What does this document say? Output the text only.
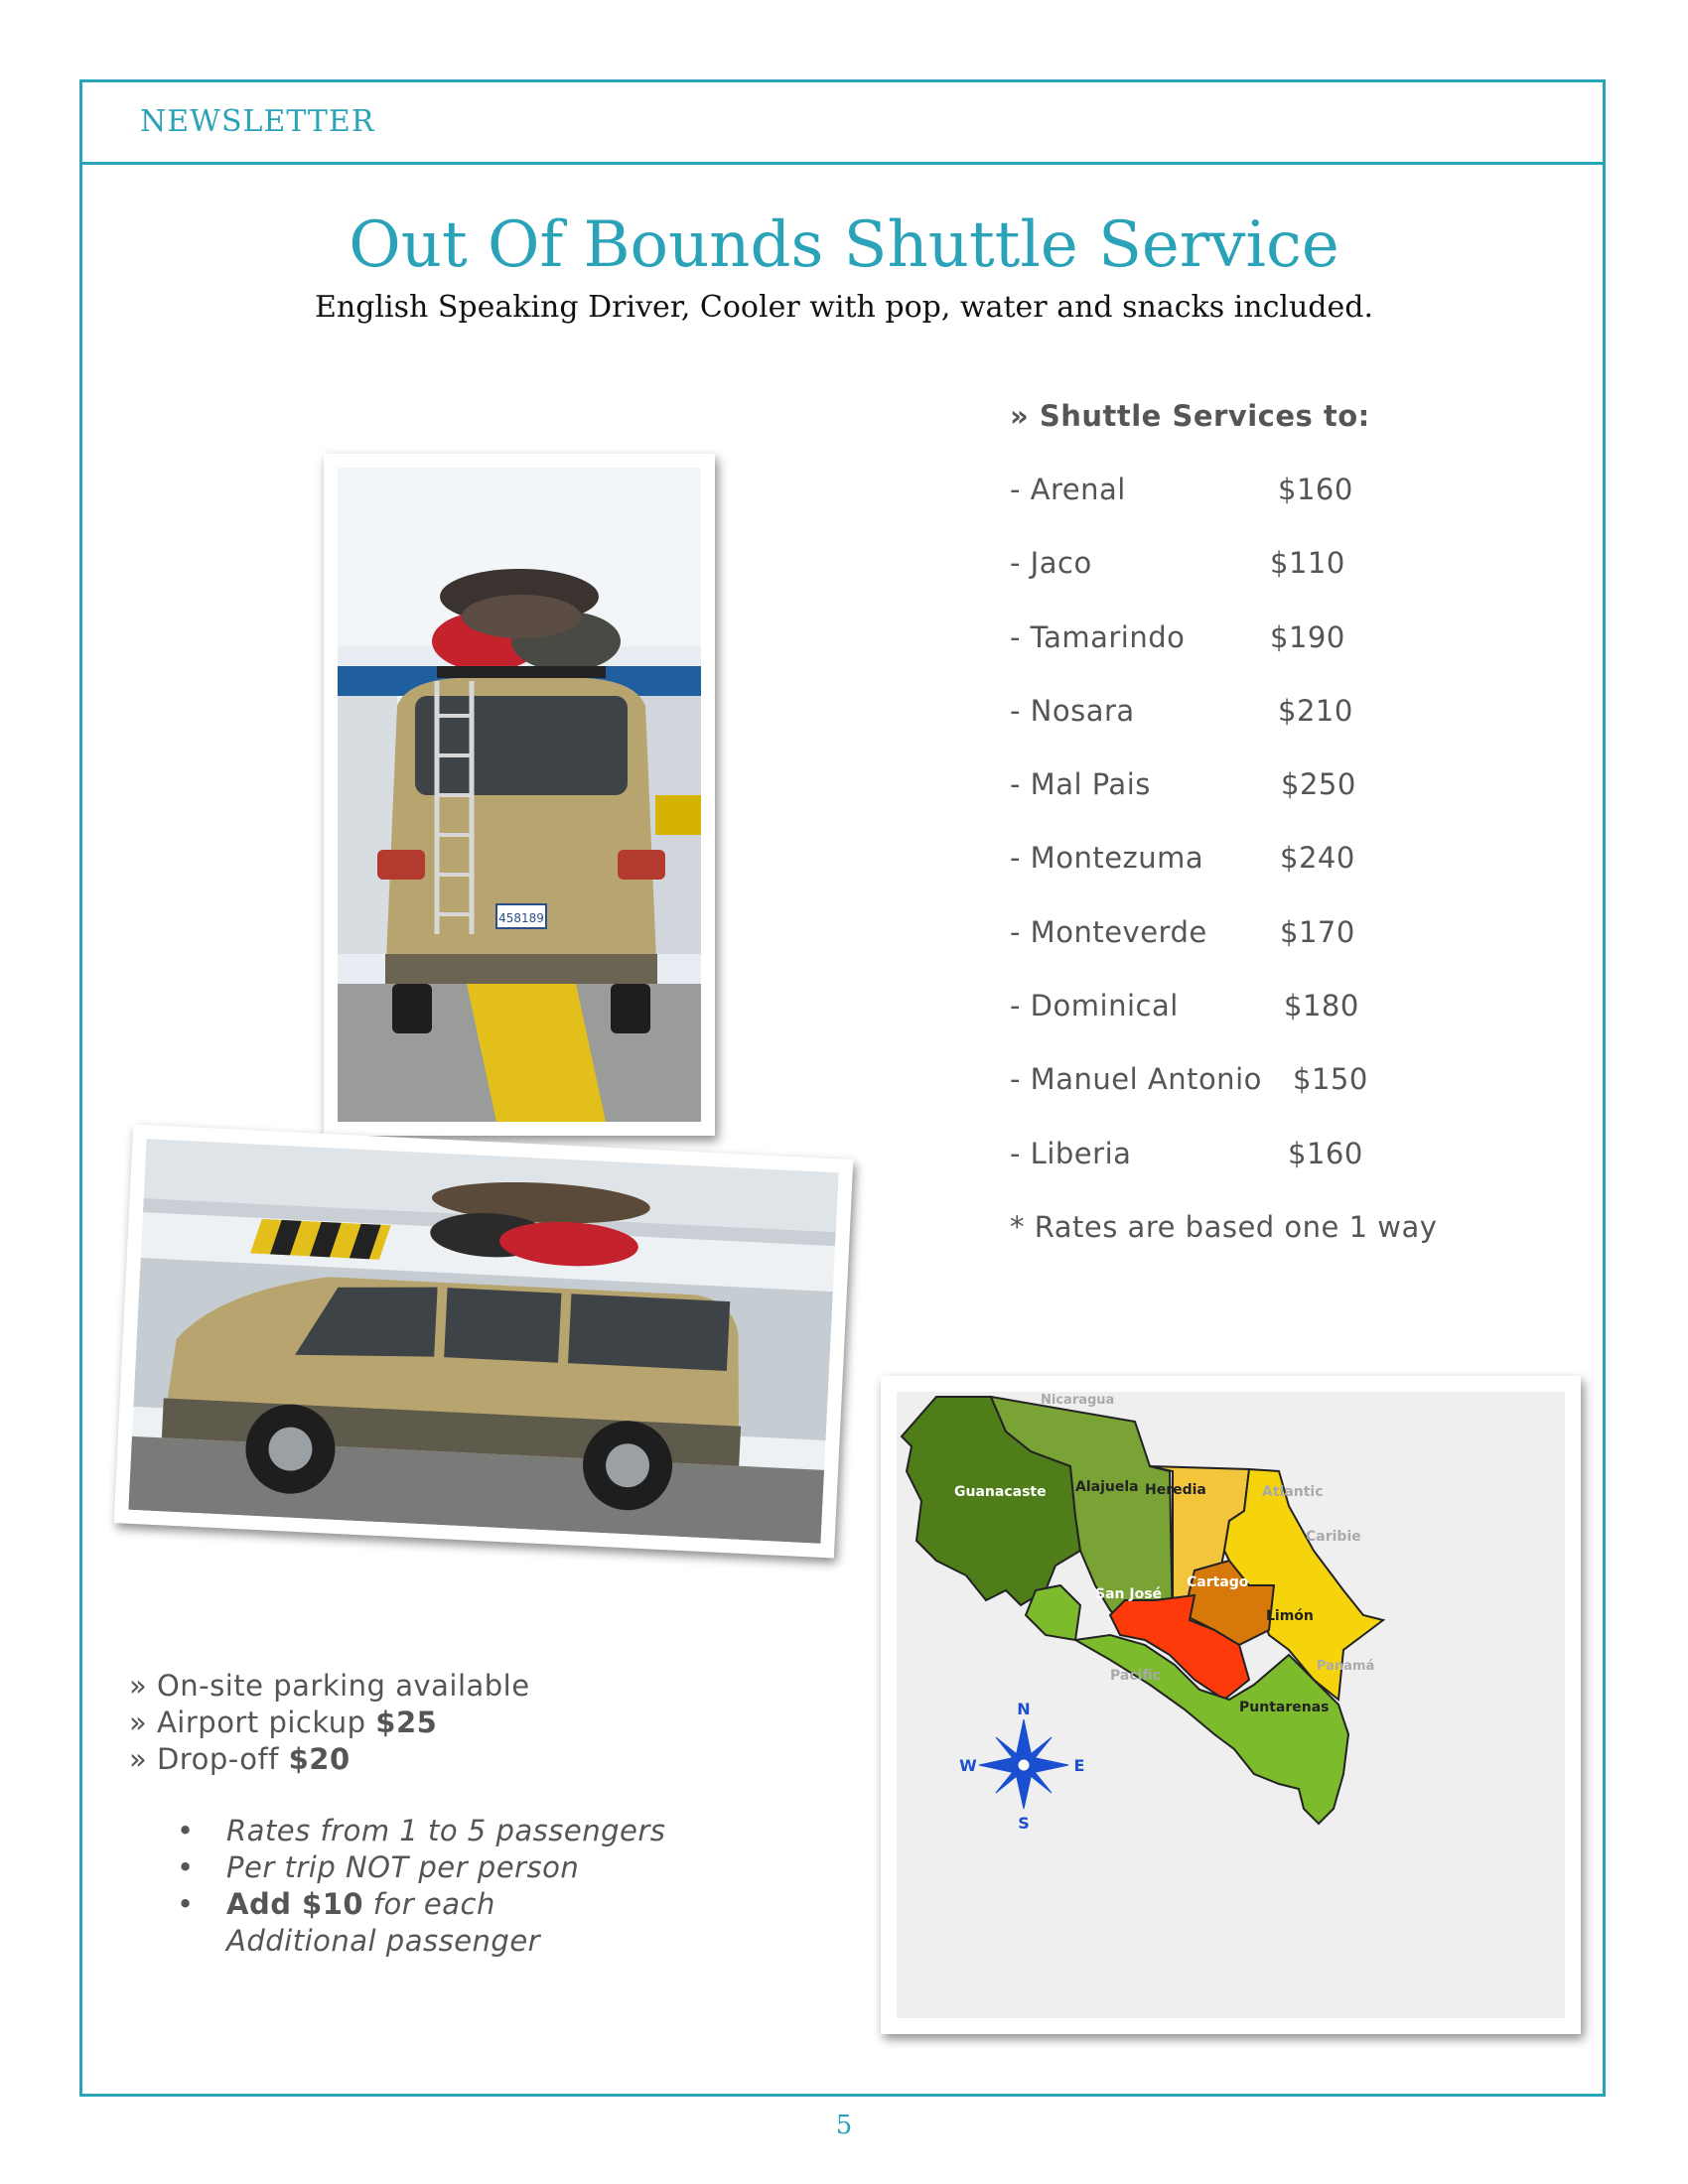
NEWSLETTER
Out Of Bounds Shuttle Service
English Speaking Driver, Cooler with pop, water and snacks included.
» Shuttle Services to:
- Arenal	$160
- Jaco	$110
- Tamarindo	$190
- Nosara	$210
- Mal Pais	$250
- Montezuma	$240
- Monteverde	$170
- Dominical	$180
- Manuel Antonio $150
- Liberia	$160
* Rates are based one 1 way
458189
N
S
W	E
Nicaragua
Guanacaste Alajuela Heredia	Atlantic
Caribie
Cartago
San José
Limón
Panamá
Pacific
Puntarenas
» On-site parking available
» Airport pickup $25
» Drop-off $20
• Rates from 1 to 5 passengers
• Per trip NOT per person
• Add $10 for each
Additional passenger
5
